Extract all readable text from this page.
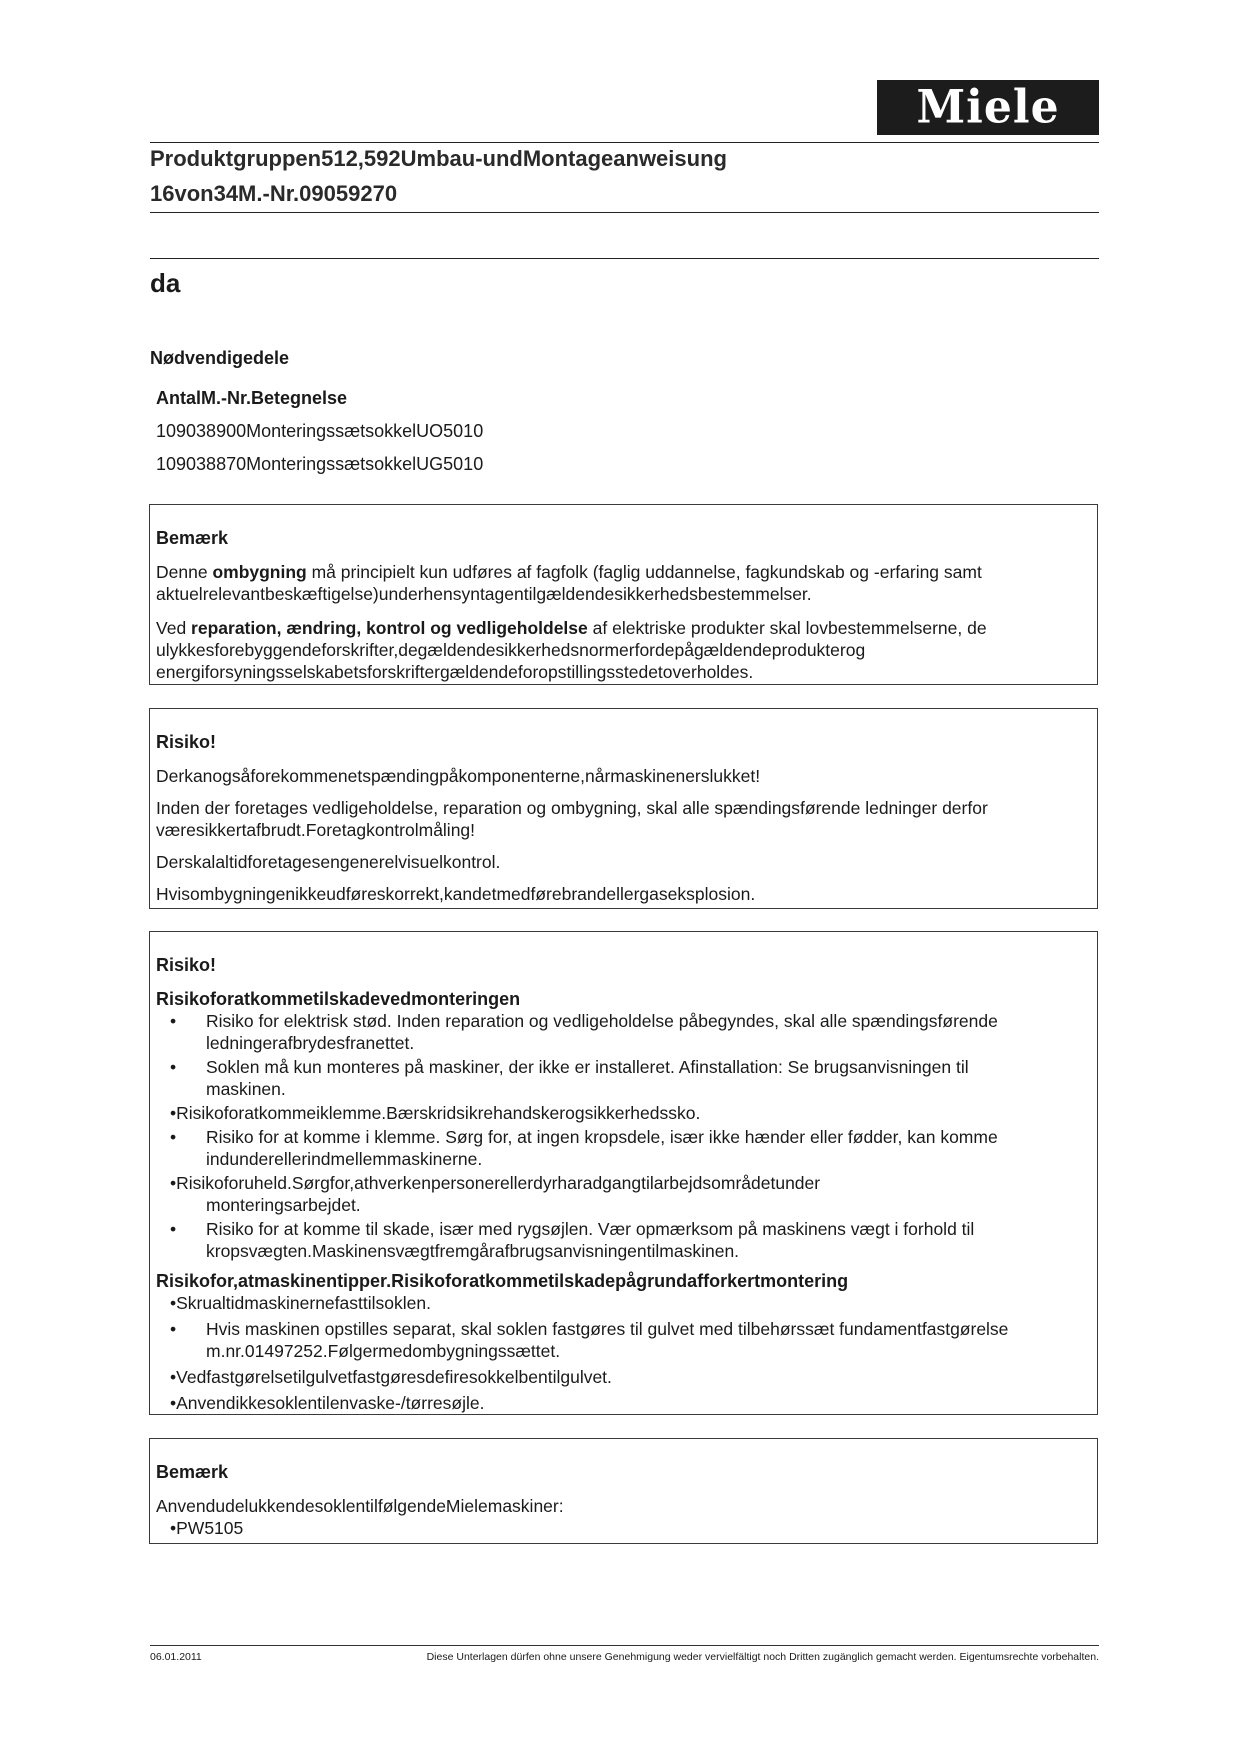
Miele
Produktgruppen512,592Umbau-undMontageanweisung
16von34M.-Nr.09059270
da
Nødvendigedele
AntalM.-Nr.Betegnelse
109038900MonteringssætsokkelUO5010
109038870MonteringssætsokkelUG5010
Bemærk

Denne ombygning må principielt kun udføres af fagfolk (faglig uddannelse, fagkundskab og -erfaring samt

aktuelrelevantbeskæftigelse)underhensyntagentilgældendesikkerhedsbestemmelser.

Ved reparation, ændring, kontrol og vedligeholdelse af elektriske produkter skal lovbestemmelserne, de

ulykkesforebyggendeforskrifter,degældendesikkerhedsnormerfordepågældendeprodukterog

energiforsyningsselskabetsforskriftergældendeforopstillingsstedetoverholdes.

Risiko!

Derkanogsåforekommenetspændingpåkomponenterne,nårmaskinenerslukket!

Inden der foretages vedligeholdelse, reparation og ombygning, skal alle spændingsførende ledninger derfor

væresikkertafbrudt.Foretagkontrolmåling!

Derskalaltidforetagesengenerelvisuelkontrol.

Hvisombygningenikkeudføreskorrekt,kandetmedførebrandellergaseksplosion.

Risiko!
Risikoforatkommetilskadevedmonteringen
• Risiko for elektrisk stød. Inden reparation og vedligeholdelse påbegyndes, skal alle spændingsførende

ledningerafbrydesfranettet.

• Soklen må kun monteres på maskiner, der ikke er installeret. Afinstallation: Se brugsanvisningen til

maskinen.

•Risikoforatkommeiklemme.Bærskridsikrehandskerogsikkerhedssko.

• Risiko for at komme i klemme. Sørg for, at ingen kropsdele, især ikke hænder eller fødder, kan komme

indunderellerindmellemmaskinerne.

•Risikoforuheld.Sørgfor,athverkenpersonerellerdyrharadgangtilarbejdsområdetunder

monteringsarbejdet.

• Risiko for at komme til skade, især med rygsøjlen. Vær opmærksom på maskinens vægt i forhold til

kropsvægten.Maskinensvægtfremgårafbrugsanvisningentilmaskinen.

Risikofor,atmaskinentipper.Risikoforatkommetilskadepågrundafforkertmontering

•Skrualtidmaskinernefasttilsoklen.

• Hvis maskinen opstilles separat, skal soklen fastgøres til gulvet med tilbehørssæt fundamentfastgørelse

m.nr.01497252.Følgermedombygningssættet.

•Vedfastgørelsetilgulvetfastgøresdefiresokkelbentilgulvet.

•Anvendikkesoklentilenvaske-/tørresøjle.

Bemærk

AnvendudelukkendesoklentilfølgendeMielemaskiner:

•PW5105

06.01.2011	Diese Unterlagen dürfen ohne unsere Genehmigung weder vervielfältigt noch Dritten zugänglich gemacht werden. Eigentumsrechte vorbehalten.
